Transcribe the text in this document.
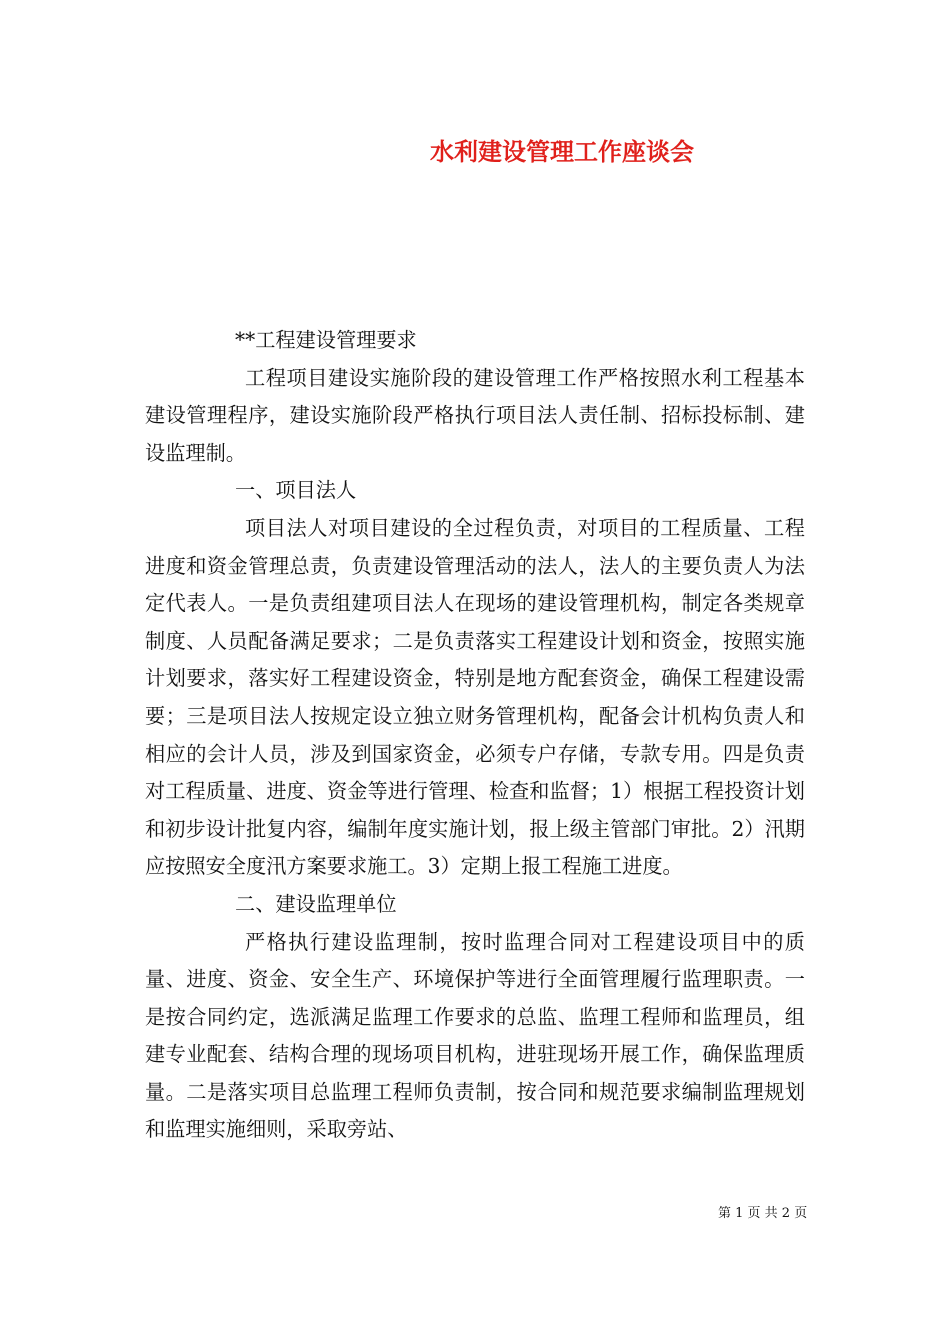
水利建设管理工作座谈会

**工程建设管理要求

工程项目建设实施阶段的建设管理工作严格按照水利工程基本建设管理程序，建设实施阶段严格执行项目法人责任制、招标投标制、建设监理制。

一、项目法人

项目法人对项目建设的全过程负责，对项目的工程质量、工程进度和资金管理总责，负责建设管理活动的法人，法人的主要负责人为法定代表人。一是负责组建项目法人在现场的建设管理机构，制定各类规章制度、人员配备满足要求；二是负责落实工程建设计划和资金，按照实施计划要求，落实好工程建设资金，特别是地方配套资金，确保工程建设需要；三是项目法人按规定设立独立财务管理机构，配备会计机构负责人和相应的会计人员，涉及到国家资金，必须专户存储，专款专用。四是负责对工程质量、进度、资金等进行管理、检查和监督；1）根据工程投资计划和初步设计批复内容，编制年度实施计划，报上级主管部门审批。2）汛期应按照安全度汛方案要求施工。3）定期上报工程施工进度。

二、建设监理单位

严格执行建设监理制，按时监理合同对工程建设项目中的质量、进度、资金、安全生产、环境保护等进行全面管理履行监理职责。一是按合同约定，选派满足监理工作要求的总监、监理工程师和监理员，组建专业配套、结构合理的现场项目机构，进驻现场开展工作，确保监理质量。二是落实项目总监理工程师负责制，按合同和规范要求编制监理规划和监理实施细则，采取旁站、

第 1 页 共 2 页
